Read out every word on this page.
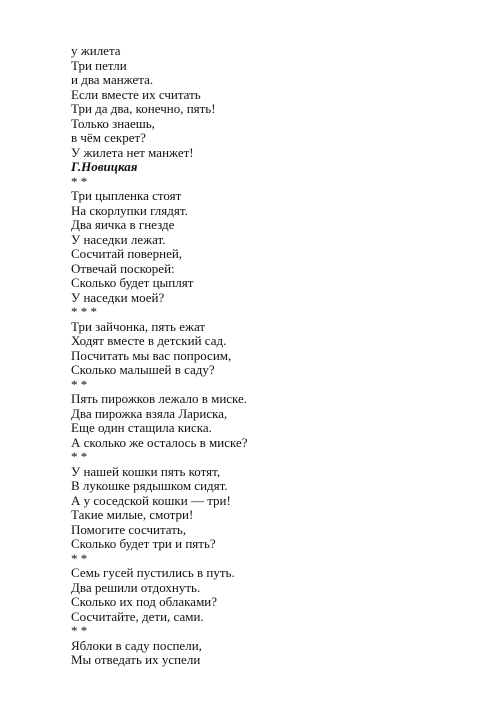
у жилета
Три петли
и два манжета.
Если вместе их считать
Три да два, конечно, пять!
Только знаешь,
в чём секрет?
У жилета нет манжет!
Г.Новицкая
* *
Три цыпленка стоят
На скорлупки глядят.
Два яичка в гнезде
У наседки лежат.
Сосчитай поверней,
Отвечай поскорей:
Сколько будет цыплят
У наседки моей?
* * *
Три зайчонка, пять ежат
Ходят вместе в детский сад.
Посчитать мы вас попросим,
Сколько малышей в саду?
* *
Пять пирожков лежало в миске.
Два пирожка взяла Лариска,
Еще один стащила киска.
А сколько же осталось в миске?
* *
У нашей кошки пять котят,
В лукошке рядышком сидят.
А у соседской кошки — три!
Такие милые, смотри!
Помогите сосчитать,
Сколько будет три и пять?
* *
Семь гусей пустились в путь.
Два решили отдохнуть.
Сколько их под облаками?
Сосчитайте, дети, сами.
* *
Яблоки в саду поспели,
Мы отведать их успели
